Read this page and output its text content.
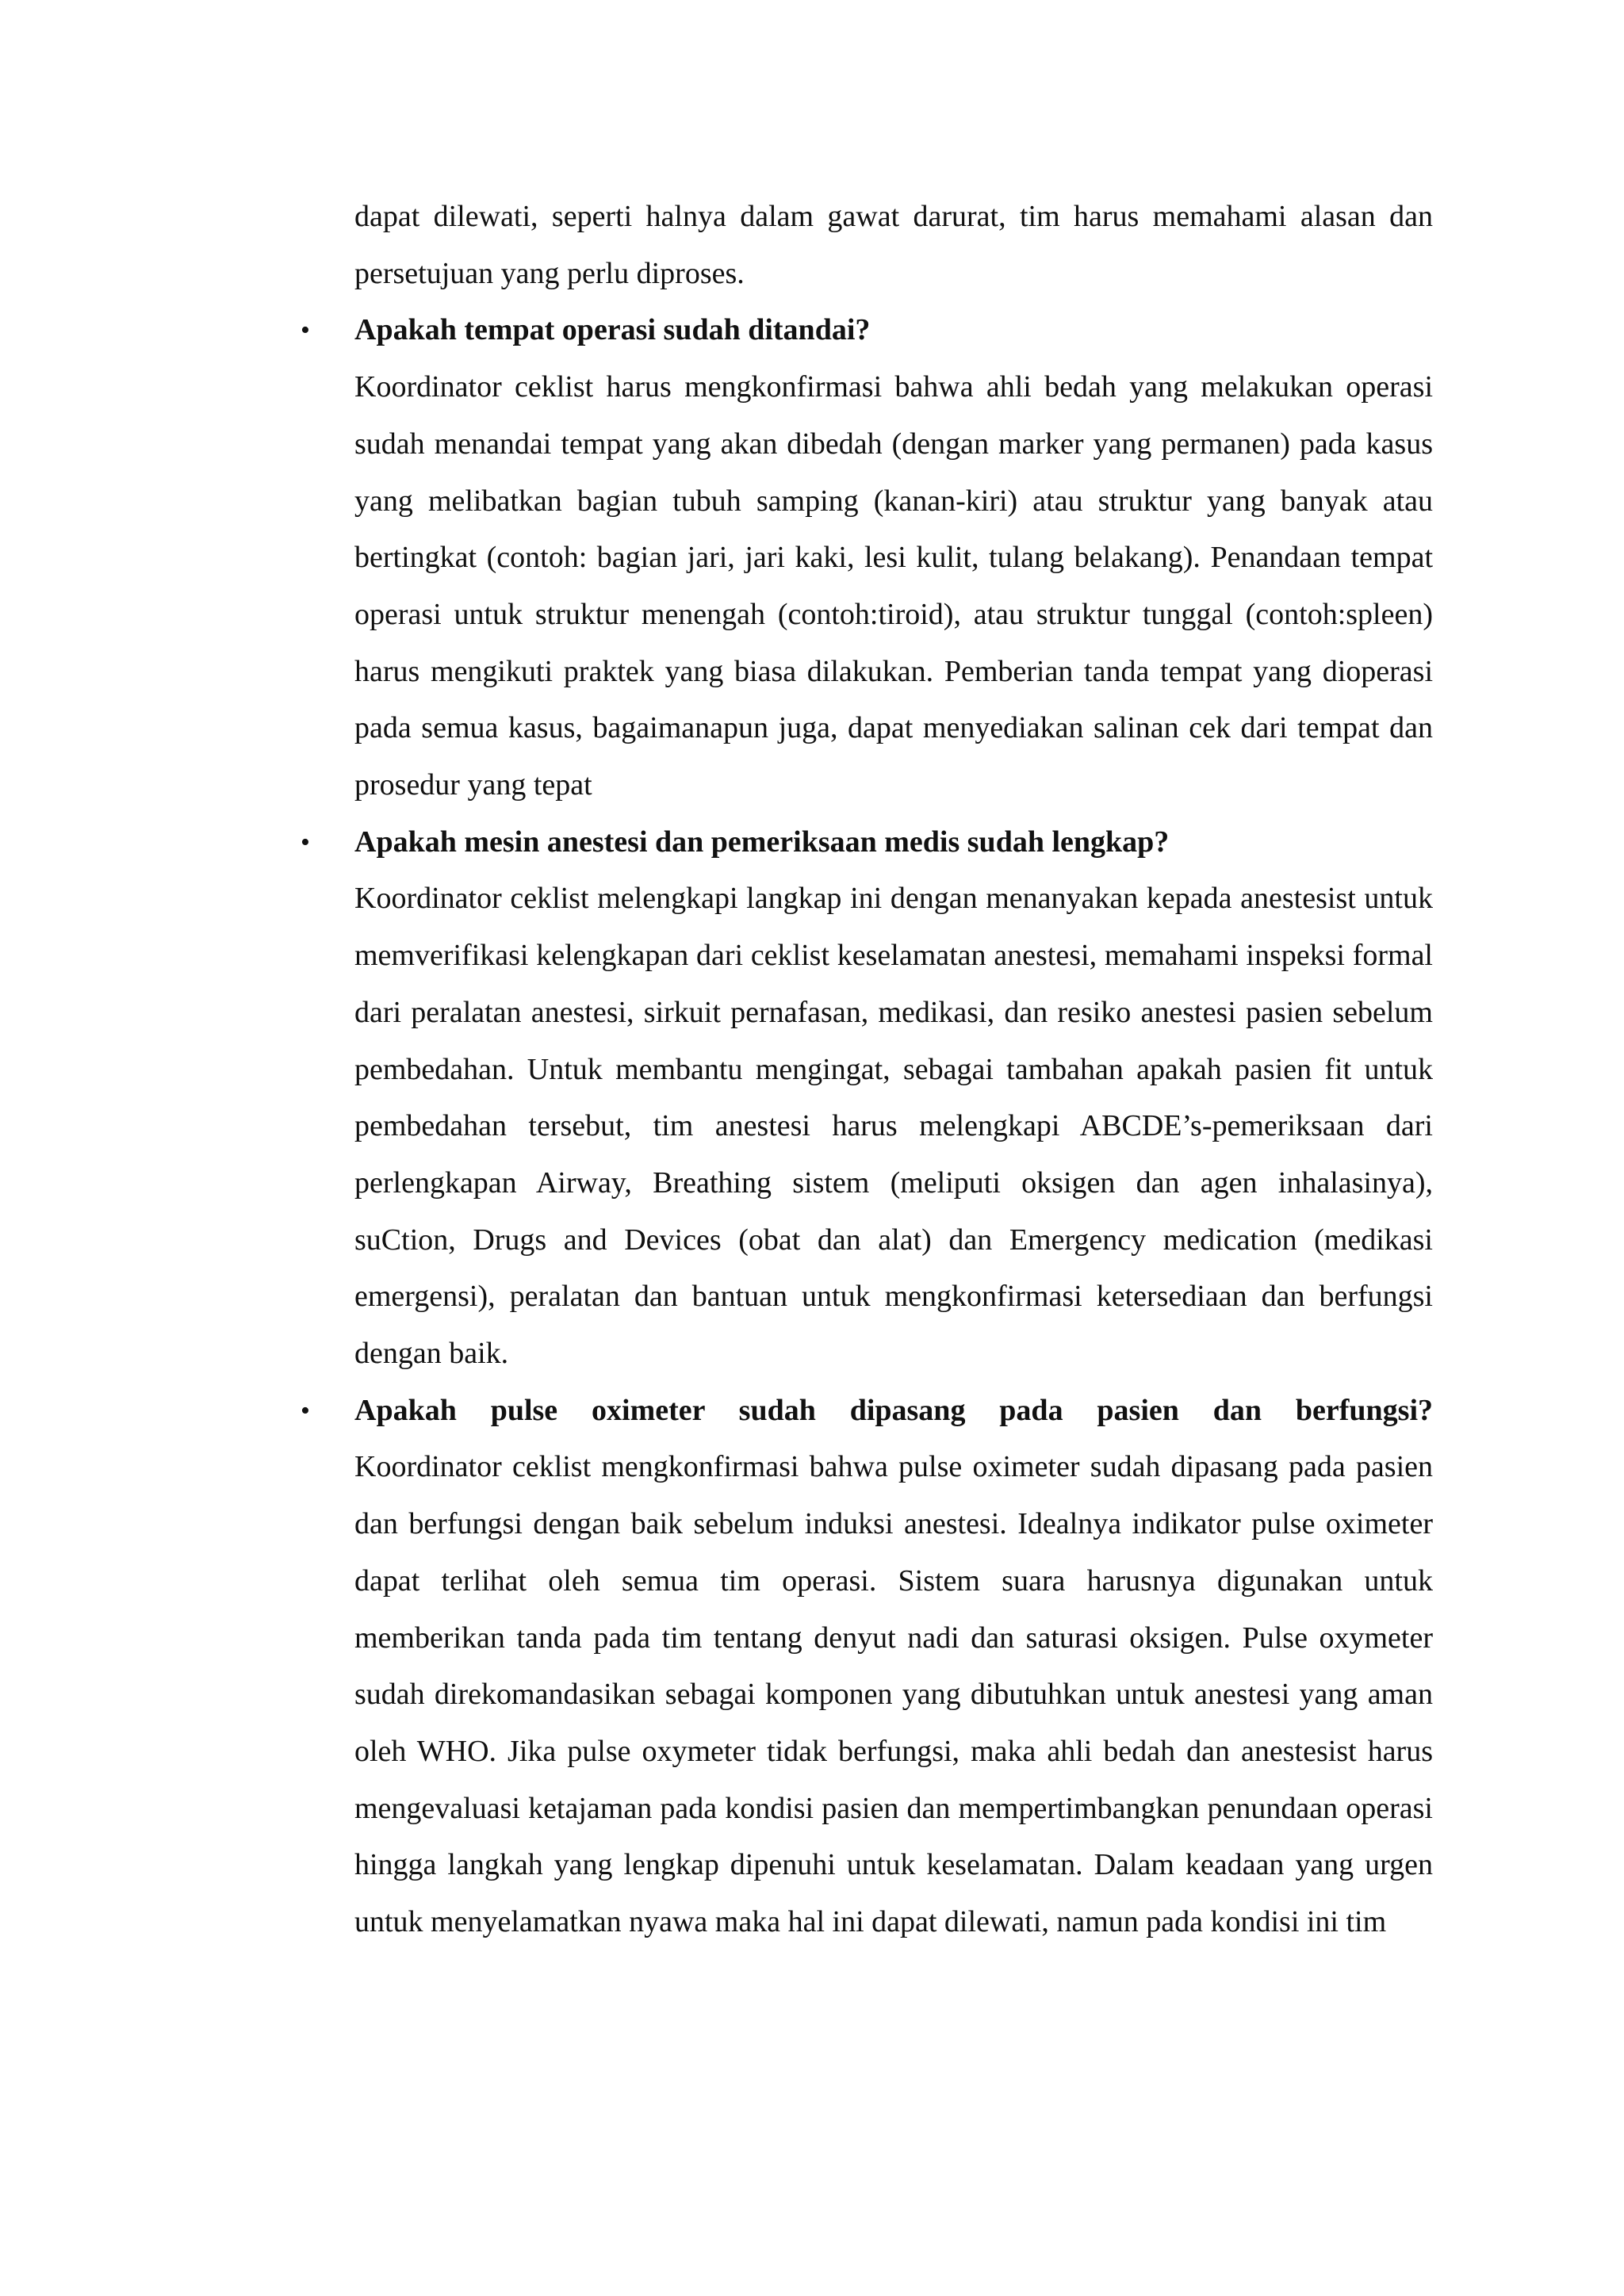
dapat dilewati, seperti halnya dalam gawat darurat, tim harus memahami alasan dan persetujuan yang perlu diproses.

• Apakah tempat operasi sudah ditandai?

Koordinator ceklist harus mengkonfirmasi bahwa ahli bedah yang melakukan operasi sudah menandai tempat yang akan dibedah (dengan marker yang permanen) pada kasus yang melibatkan bagian tubuh samping (kanan-kiri) atau struktur yang banyak atau bertingkat (contoh: bagian jari, jari kaki, lesi kulit, tulang belakang). Penandaan tempat operasi untuk struktur menengah (contoh:tiroid), atau struktur tunggal (contoh:spleen) harus mengikuti praktek yang biasa dilakukan. Pemberian tanda tempat yang dioperasi pada semua kasus, bagaimanapun juga, dapat menyediakan salinan cek dari tempat dan prosedur yang tepat

• Apakah mesin anestesi dan pemeriksaan medis sudah lengkap?

Koordinator ceklist melengkapi langkap ini dengan menanyakan kepada anestesist untuk memverifikasi kelengkapan dari ceklist keselamatan anestesi, memahami inspeksi formal dari peralatan anestesi, sirkuit pernafasan, medikasi, dan resiko anestesi pasien sebelum pembedahan. Untuk membantu mengingat, sebagai tambahan apakah pasien fit untuk pembedahan tersebut, tim anestesi harus melengkapi ABCDE’s-pemeriksaan dari perlengkapan Airway, Breathing sistem (meliputi oksigen dan agen inhalasinya), suCtion, Drugs and Devices (obat dan alat) dan Emergency medication (medikasi emergensi), peralatan dan bantuan untuk mengkonfirmasi ketersediaan dan berfungsi dengan baik.

• Apakah pulse oximeter sudah dipasang pada pasien dan berfungsi?

Koordinator ceklist mengkonfirmasi bahwa pulse oximeter sudah dipasang pada pasien dan berfungsi dengan baik sebelum induksi anestesi. Idealnya indikator pulse oximeter dapat terlihat oleh semua tim operasi. Sistem suara harusnya digunakan untuk memberikan tanda pada tim tentang denyut nadi dan saturasi oksigen. Pulse oxymeter sudah direkomandasikan sebagai komponen yang dibutuhkan untuk anestesi yang aman oleh WHO. Jika pulse oxymeter tidak berfungsi, maka ahli bedah dan anestesist harus mengevaluasi ketajaman pada kondisi pasien dan mempertimbangkan penundaan operasi hingga langkah yang lengkap dipenuhi untuk keselamatan. Dalam keadaan yang urgen untuk menyelamatkan nyawa maka hal ini dapat dilewati, namun pada kondisi ini tim
